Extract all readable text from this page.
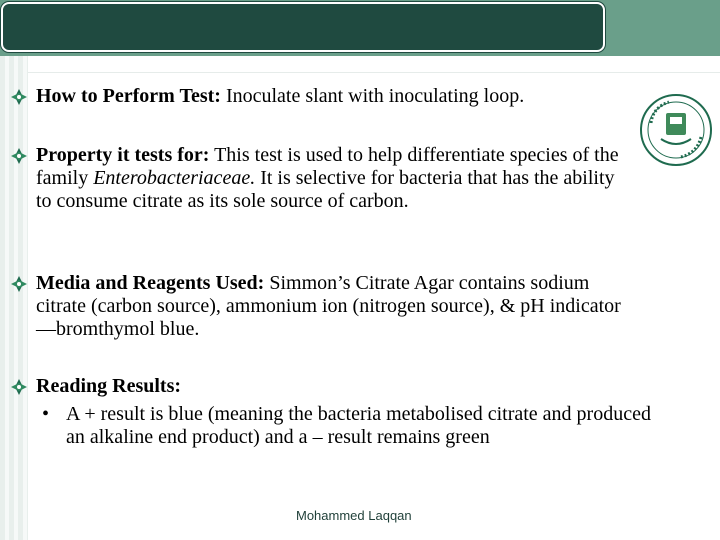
How to Perform Test: Inoculate slant with inoculating loop.
Property it tests for: This test is used to help differentiate species of the family Enterobacteriaceae. It is selective for bacteria that has the ability to consume citrate as its sole source of carbon.
Media and Reagents Used: Simmon’s Citrate Agar contains sodium citrate (carbon source), ammonium ion (nitrogen source), & pH indicator—bromthymol blue.
Reading Results:
• A + result is blue (meaning the bacteria metabolised citrate and produced an alkaline end product) and a – result remains green
Mohammed Laqqan
